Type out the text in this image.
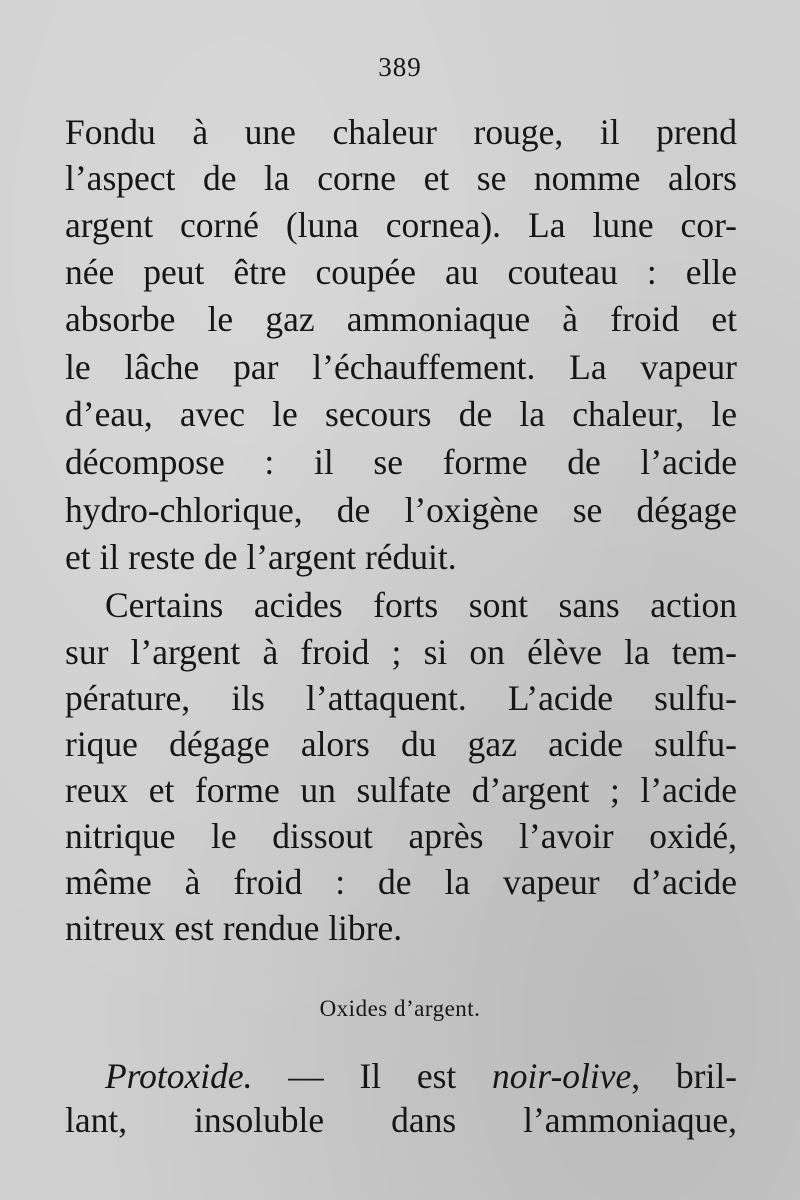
389
Fondu à une chaleur rouge, il prend
l’aspect de la corne et se nomme alors
argent corné (luna cornea). La lune cor-
née peut être coupée au couteau : elle
absorbe le gaz ammoniaque à froid et
le lâche par l’échauffement. La vapeur
d’eau, avec le secours de la chaleur, le
décompose : il se forme de l’acide
hydro-chlorique, de l’oxigène se dégage
et il reste de l’argent réduit.
Certains acides forts sont sans action
sur l’argent à froid ; si on élève la tem-
pérature, ils l’attaquent. L’acide sulfu-
rique dégage alors du gaz acide sulfu-
reux et forme un sulfate d’argent ; l’acide
nitrique le dissout après l’avoir oxidé,
même à froid : de la vapeur d’acide
nitreux est rendue libre.
Oxides d’argent.
Protoxide. — Il est noir-olive, bril-
lant, insoluble dans l’ammoniaque,
